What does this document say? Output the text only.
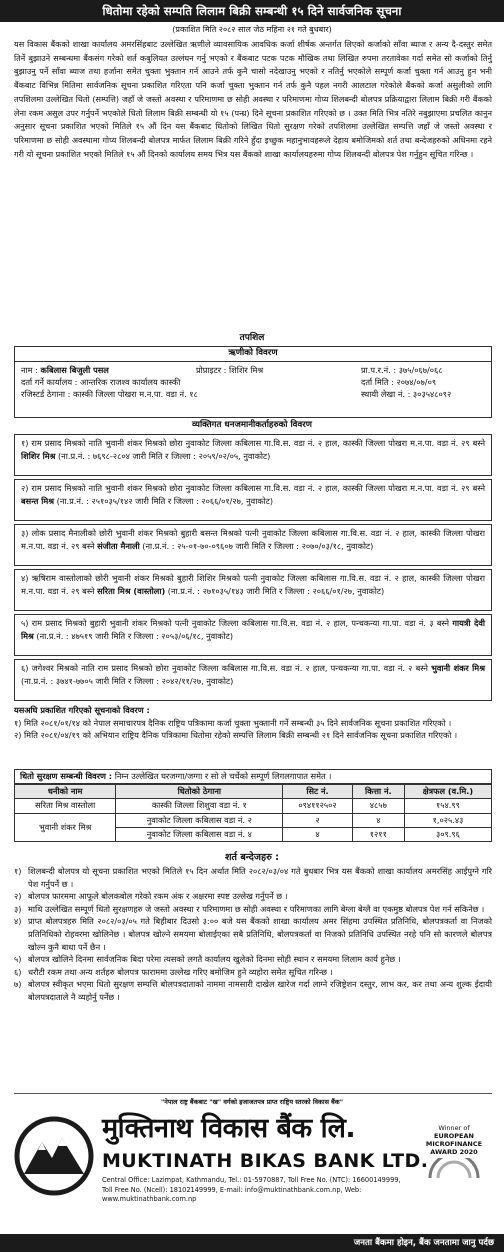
धितोमा रहेको सम्पति लिलाम बिक्री सम्बन्धी १५ दिने सार्वजनिक सूचना
(प्रकाशित मिति २०८२ साल जेठ महिना २१ गते बुधबार)
यस विकास बैंकको शाखा कार्यालय अमरसिंहबाट उल्लेखित ऋणीले व्यावसायिक आवधिक कर्जा शीर्षक अन्तर्गत लिएको कर्जाको साँवा ब्याज र अन्य दै-दस्तुर समेत तिर्ने बुझाउने सम्बन्धमा बैंकसंग गरेको शर्त कबुलियत उल्लंघन गर्नु भएको र बैंकबाट पटक पटक मौखिक तथा लिखित रुपमा तरतावेका गर्दा समेत सो कर्जाको तिर्नु बुझाउनु पर्ने साँवा ब्याज तथा हर्जाना समेत चुक्ता भुक्तान गर्न आउने तर्फ कुनै चासो नदेखाउनु भएको र नतिर्नु भएकोले सम्पूर्ण कर्जा चुक्ता गर्न आउनु हुन भनी बैंकबाट विभिन्न मितिमा सार्वजनिक सूचना प्रकाशित गरिएता पनि कर्जा चुक्ता भुक्तान गर्न तर्फ कुनै पहल नगरी आलटाल गरेकोले बैंकको कर्जा असुलीको लागि तपशिलमा उल्लेखित धितो (सम्पत्ति) जहाँ जे जस्तो अवस्था र परिमाणमा छ सोही अवस्था र परिमाणमा गोप्य शिलबन्दी बोलपत्र प्रक्रियाद्वारा लिलाम बिक्री गरी बैंकको लेना रकम असुल उपर गर्नुपर्ने भएकोले धितो लिलाम बिक्री सम्बन्धी यो १५ (पन्ध्र) दिने सूचना प्रकाशित गरिएको छ । उक्त मिति भित्र नतिरे नबुझाएमा प्रचलित कानुन अनुसार सूचना प्रकाशित भएको मितिले १५ औं दिन यस बैंकबाट धितोको लिखित धितो सुरक्षण गरेको तपशिलमा उल्लेखित सम्पत्ति जहाँ जे जस्तो अवस्था र परिमाणमा छ सोही अवस्थामा गोप्य शिलबन्दी बोलपत्र मार्फत लिलाम बिक्री गरिने हुँदा इच्छुक महानुभावहरूले देहाय बमोजिमको शर्त तथा बन्देजहरुको अधिनमा रहने गरी यो सूचना प्रकाशित भएको मितिले १५ औं दिनको कार्यालय समय भित्र यस बैंकको शाखा कार्यालयहरुमा गोप्य शिलबन्दी बोलपत्र पेश गर्नुहुन सूचित गरिन्छ ।
तपशिल
ऋणीको विवरण
नाम : कबिलास बिजुली पसल	प्रोप्राइटर : शिशिर मिश्र	प्रा.प.र.नं. : ३७५/०६७/०६८
दर्ता गर्ने कार्यालय : आन्तरिक राजश्व कार्यालय कास्की	दर्ता मिति : २०७४/०७/०९
रजिस्टर्ड ठेगाना : कास्की जिल्ला पोखरा म.न.पा. वडा नं. १८	स्थायी लेखा नं. : ३०३५४८०९२
व्यक्तिगत धनजमानीकर्ताहरुको विवरण
१) राम प्रसाद मिश्रको नाति भुवानी शंकर मिश्रको छोरा नुवाकोट जिल्ला कबिलास गा.वि.स. वडा नं. २ हाल, कास्की जिल्ला पोखरा म.न.पा. वडा नं. २९ बस्ने शिशिर मिश्र (ना.प्र.नं. : ७६९८-२८०४ जारी मिति र जिल्ला : २०५९/०२/०५, नुवाकोट)
२) राम प्रसाद मिश्रको नाति भुवानी शंकर मिश्रको छोरा नुवाकोट जिल्ला कबिलास गा.वि.स. वडा नं. २ हाल, कास्की जिल्ला पोखरा म.न.पा. वडा नं. २९ बस्ने बसन्त मिश्र (ना.प्र.नं. : २५१०३५/१४२ जारी मिति र जिल्ला : २०६६/०१/२७, नुवाकोट)
३) लोक प्रसाद मैनालीको छोरी भुवानी शंकर मिश्रको बुहारी बसन्त मिश्रको पत्नी नुवाकोट जिल्ला कबिलास गा.वि.स. वडा नं. २ हाल, कास्की जिल्ला पोखरा म.न.पा. वडा नं. २९ बस्ने संजीता मैनाली (ना.प्र.नं. : २५-०१-७०-०९६०७ जारी मिति र जिल्ला : २०७०/०३/१८, नुवाकोट)
४) ऋषिराम वास्तोलाको छोरी भुवानी शंकर मिश्रको बुहारी शिशिर मिश्रको पत्नी नुवाकोट जिल्ला कबिलास गा.वि.स. वडा नं. २ हाल, कास्की जिल्ला पोखरा म.न.पा. वडा नं. २९ बस्ने सरिता मिश्र (वास्तोला) (ना.प्र.नं. : २७१०३५/१४३ जारी मिति र जिल्ला : २०६६/०१/२७, नुवाकोट)
५) राम प्रसाद मिश्रको बुहारी भुवानी शंकर मिश्रको पत्नी नुवाकोट जिल्ला कबिलास गा.वि.स. वडा नं. २ हाल, पन्चकन्या गा.पा. वडा नं. ३ बस्ने गायत्री देवी मिश्र (ना.प्र.नं. : ४७५१९ जारी मिति र जिल्ला : २०५३/०६/१८, नुवाकोट)
६) जगेश्वर मिश्रको नाति राम प्रसाद मिश्रको छोरा नुवाकोट जिल्ला कबिलास गा.वि.स. वडा नं. २ हाल, पन्चकन्या गा.पा. वडा नं. २ बस्ने भुवानी शंकर मिश्र (ना.प्र.नं. : ३७४१-७७०५ जारी मिति र जिल्ला : २०४२/११/२७, नुवाकोट)
"नेपाल राष्ट्र बैंकबाट "ख" वर्गको इजाजतपत्र प्राप्त राष्ट्रिय स्तरको विकास बैंक"
मुक्तिनाथ विकास बैंक लि.
MUKTINATH BIKAS BANK LTD.
Central Office: Lazimpat, Kathmandu, Tel.: 01-5970887, Toll Free No. (NTC): 16600149999,
Toll Free No. (Ncell): 18102149999, E-mail: info@muktinathbank.com.np, Web: www.muktinathbank.com.np
Winner of
EUROPEAN
MICROFINANCE
AWARD 2020
जनता बैंकमा होइन, बैंक जनतामा जानु पर्दछ
यसअघि प्रकाशित गरिएको सूचनाको विवरण :
१) मिति २०८१/०१/१४ को नेपाल समाचारपत्र दैनिक राष्ट्रिय पत्रिकामा कर्जा चुक्ता भुक्तानी गर्ने सम्बन्धी ३५ दिने सार्वजनिक सूचना प्रकाशित गरिएको ।
२) मिति २०८१/०४/१९ को अभियान राष्ट्रिय दैनिक पत्रिकामा धितोमा रहेको सम्पत्ति लिलाम बिक्री सम्बन्धी २१ दिने सार्वजनिक सूचना प्रकाशित गरिएको ।
धितो सुरक्षण सम्बन्धी विवरण : निम्न उल्लेखित घरजग्गा/जग्गा र सो ले चर्चेको सम्पूर्ण लिगलगापात समेत ।
धनीको नाम	धितोको ठेगाना	सिट नं.	कित्ता नं.	क्षेत्रफल (व.मि.)
सरिता मिश्र वास्तोला	कास्की जिल्ला शिशुवा वडा नं. १	०९४११२५०२	४८५७	१५४.९९
भुवानी शंकर मिश्र	नुवाकोट जिल्ला कबिलास वडा नं. २	२	४	१,०२५.४३
	नुवाकोट जिल्ला कबिलास वडा नं. ४	४	१२११	३०९.९६
शर्त बन्देजहरु :
१) शिलबन्दी बोलपत्र यो सूचना प्रकाशित भएको मितिले १५ दिन अर्थात मिति २०८२/०३/०४ गते बुधबार भित्र यस बैंकको शाखा कार्यालय अमरसिंह आईपुग्ने गरि पेश गर्नुपर्ने छ ।
२) बोलपत्र फारममा आफूले बोलकबोल गरेको रकम अंक र अक्षरमा स्पष्ट उल्लेख गर्नुपर्ने छ ।
३) माथि उल्लेखित सम्पूर्ण धितो सुरक्षणहरु जे जस्तो अवस्था र परिमाणमा छ सोही अवस्था र परिमाणका लागि बेग्ला बेग्लै वा एकमुष्ठ बोलपत्र पेश गर्न सकिनेछ ।
४) प्राप्त बोलपत्रहरु मिति २०८२/०३/०५ गते बिहीबार दिउसो ३:०० बजे यस बैंकको शाखा कार्यालय अमर सिंहमा उपस्थित प्रतिनिधि, बोलपत्रकर्ता वा निजको प्रतिनिधिको रोहवरमा खोलिनेछ । बोलपत्र खोल्ने समयमा बोलाईएका सबै प्रतिनिधि, बोलपत्रकर्ता वा निजको प्रतिनिधि उपस्थित नरहे पनि सो कारणले बोलपत्र खोल्न कुनै बाधा पर्ने छैन ।
५) बोलपत्र खोलिने दिनमा सार्वजनिक बिदा परेमा त्यसको लगतै कार्यालय खुलेको दिनमा सोही स्थान र समयमा लिलाम कार्य हुनेछ ।
६) धरौटी रकम तथा अन्य शर्तहरु बोलपत्र फाराममा उल्लेख गरिए बमोजिम हुने व्यहोरा समेत सूचित गरिन्छ ।
७) बोलपत्र स्वीकृत भएमा धितो सुरक्षण सम्पत्ति बोलपत्रदाताको नाममा नामसारी दाखेल खारेज गर्दा लाग्ने रजिष्ट्रेशन दस्तुर, लाभ कर, कर तथा अन्य शुल्क ईदायी बोलपत्रदाताले नै व्यहोर्नु पर्नेछ ।
